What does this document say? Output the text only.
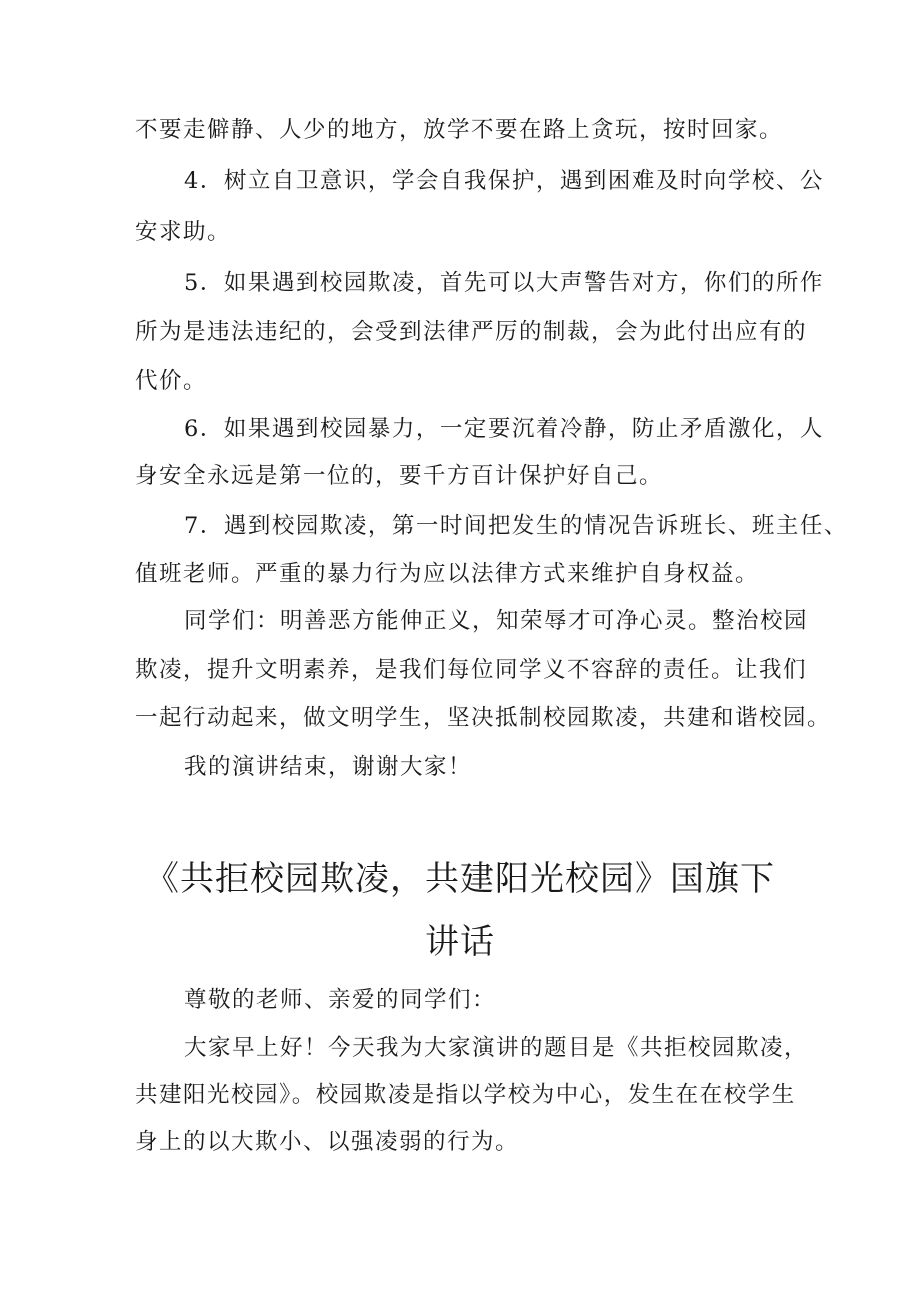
不要走僻静、人少的地方，放学不要在路上贪玩，按时回家。
4．树立自卫意识，学会自我保护，遇到困难及时向学校、公
安求助。
5．如果遇到校园欺凌，首先可以大声警告对方，你们的所作
所为是违法违纪的，会受到法律严厉的制裁，会为此付出应有的
代价。
6．如果遇到校园暴力，一定要沉着冷静，防止矛盾激化，人
身安全永远是第一位的，要千方百计保护好自己。
7．遇到校园欺凌，第一时间把发生的情况告诉班长、班主任、
值班老师。严重的暴力行为应以法律方式来维护自身权益。
同学们：明善恶方能伸正义，知荣辱才可净心灵。整治校园
欺凌，提升文明素养，是我们每位同学义不容辞的责任。让我们
一起行动起来，做文明学生，坚决抵制校园欺凌，共建和谐校园。
我的演讲结束，谢谢大家！
《共拒校园欺凌，共建阳光校园》国旗下
讲话
尊敬的老师、亲爱的同学们：
大家早上好！今天我为大家演讲的题目是《共拒校园欺凌，
共建阳光校园》。校园欺凌是指以学校为中心，发生在在校学生
身上的以大欺小、以强凌弱的行为。
